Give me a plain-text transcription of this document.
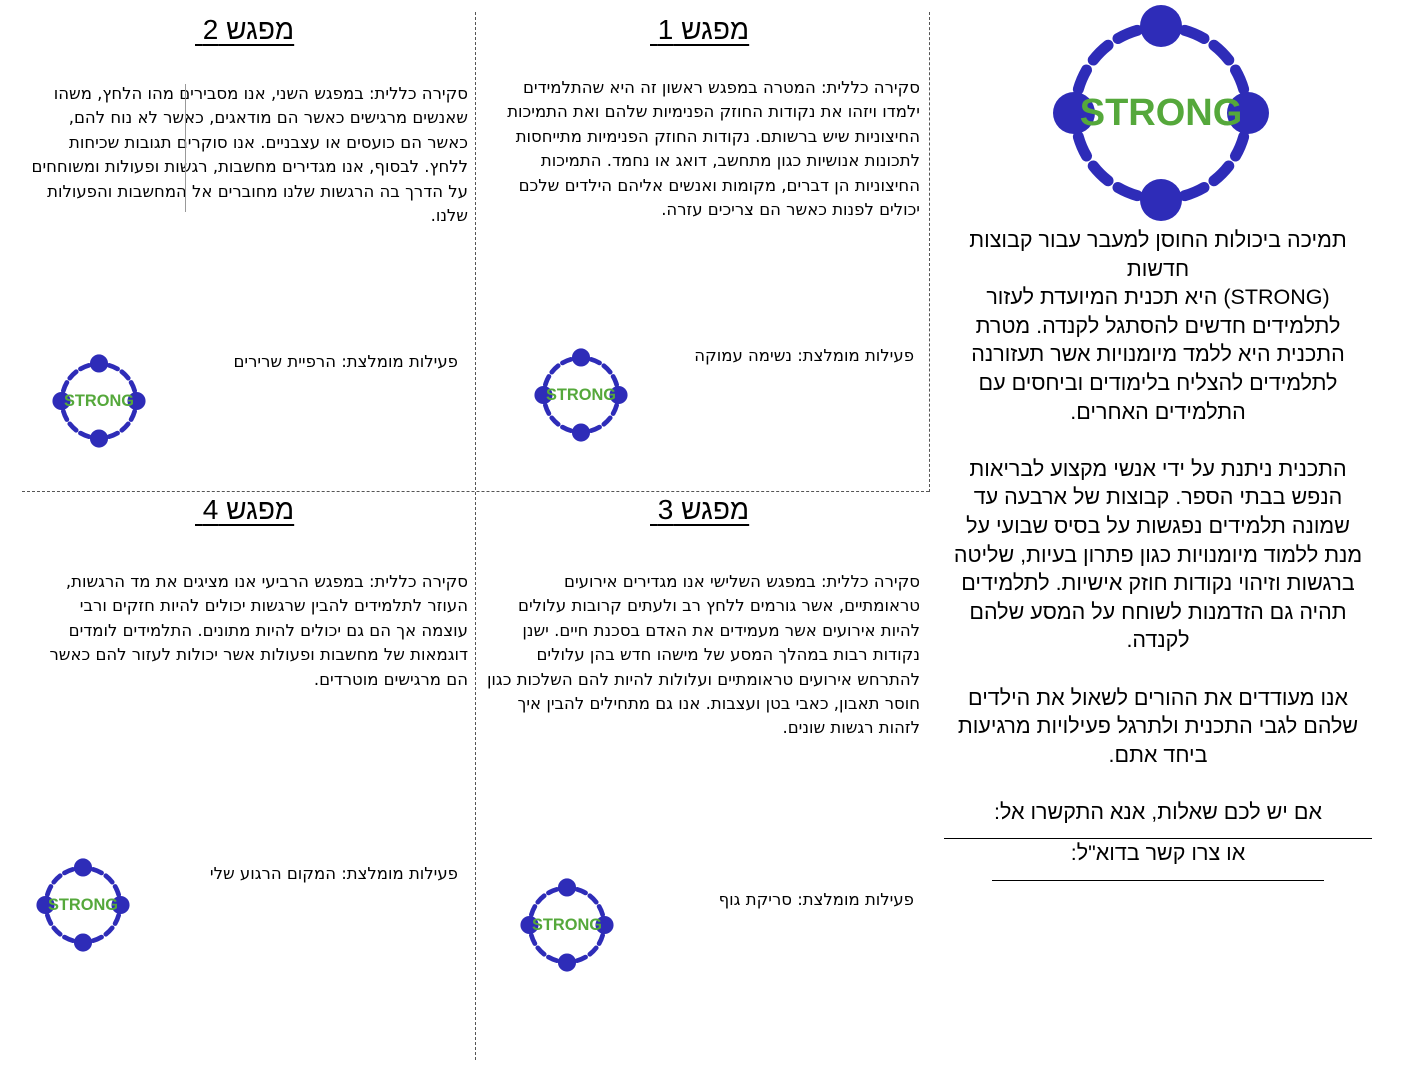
STRONG

תמיכה ביכולות החוסן למעבר עבור קבוצות חדשות

(STRONG) היא תכנית המיועדת לעזור לתלמידים חדשים להסתגל לקנדה. מטרת התכנית היא ללמד מיומנויות אשר תעזורנה לתלמידים להצליח בלימודים וביחסים עם התלמידים האחרים.

התכנית ניתנת על ידי אנשי מקצוע לבריאות הנפש בבתי הספר. קבוצות של ארבעה עד שמונה תלמידים נפגשות על בסיס שבועי על מנת ללמוד מיומנויות כגון פתרון בעיות, שליטה ברגשות וזיהוי נקודות חוזק אישיות. לתלמידים תהיה גם הזדמנות לשוחח על המסע שלהם לקנדה.

אנו מעודדים את ההורים לשאול את הילדים שלהם לגבי התכנית ולתרגל פעילויות מרגיעות ביחד אתם.

אם יש לכם שאלות, אנא התקשרו אל:

או צרו קשר בדוא"ל:

מפגש 1
סקירה כללית: המטרה במפגש ראשון זה היא שהתלמידים ילמדו ויזהו את נקודות החוזק הפנימיות שלהם ואת התמיכות החיצוניות שיש ברשותם. נקודות החוזק הפנימיות מתייחסות לתכונות אנושיות כגון מתחשב, דואג או נחמד. התמיכות החיצוניות הן דברים, מקומות ואנשים אליהם הילדים שלכם יכולים לפנות כאשר הם צריכים עזרה.
פעילות מומלצת: נשימה עמוקה
STRONG
מפגש 2
סקירה כללית: במפגש השני, אנו מסבירים מהו הלחץ, משהו שאנשים מרגישים כאשר הם מודאגים, כאשר לא נוח להם, כאשר הם כועסים או עצבניים. אנו סוקרים תגובות שכיחות ללחץ. לבסוף, אנו מגדירים מחשבות, רגשות ופעולות ומשוחחים על הדרך בה הרגשות שלנו מחוברים אל המחשבות והפעולות שלנו.
פעילות מומלצת: הרפיית שרירים
STRONG
מפגש 3
סקירה כללית: במפגש השלישי אנו מגדירים אירועים טראומתיים, אשר גורמים ללחץ רב ולעתים קרובות עלולים להיות אירועים אשר מעמידים את האדם בסכנת חיים. ישנן נקודות רבות במהלך המסע של מישהו חדש בהן עלולים להתרחש אירועים טראומתיים ועלולות להיות להם השלכות כגון חוסר תאבון, כאבי בטן ועצבות. אנו גם מתחילים להבין איך לזהות רגשות שונים.
פעילות מומלצת: סריקת גוף
STRONG
מפגש 4
סקירה כללית: במפגש הרביעי אנו מציגים את מד הרגשות, העוזר לתלמידים להבין שרגשות יכולים להיות חזקים ורבי עוצמה אך הם גם יכולים להיות מתונים. התלמידים לומדים דוגמאות של מחשבות ופעולות אשר יכולות לעזור להם כאשר הם מרגישים מוטרדים.
פעילות מומלצת: המקום הרגוע שלי
STRONG
